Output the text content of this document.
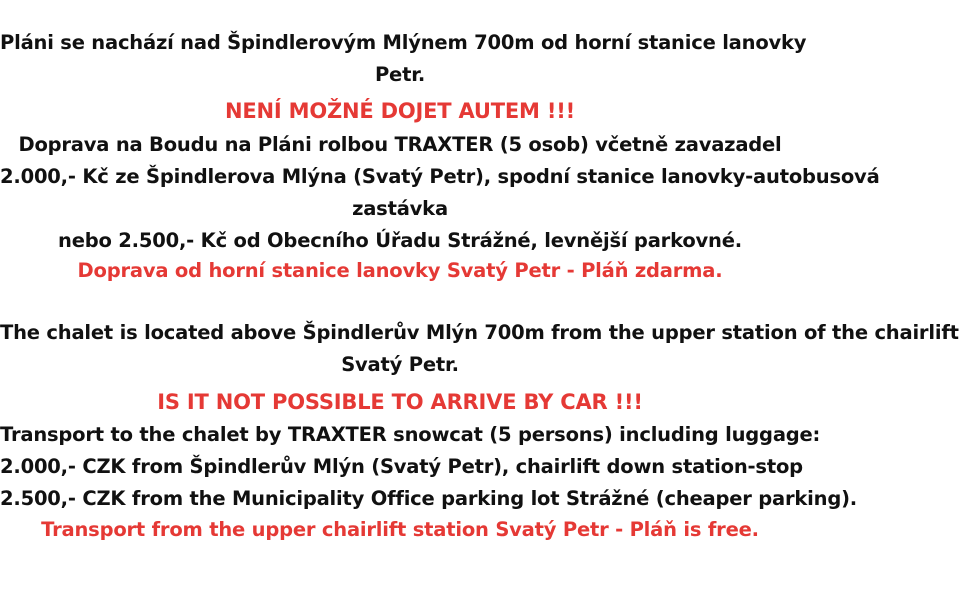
Pláni se nachází nad Špindlerovým Mlýnem 700m od horní stanice lanovky
Petr.
NENÍ MOŽNÉ DOJET AUTEM !!!
Doprava na Boudu na Pláni rolbou TRAXTER (5 osob) včetně zavazadel
2.000,- Kč ze Špindlerova Mlýna (Svatý Petr), spodní stanice lanovky-autobusová
zastávka
nebo 2.500,- Kč od Obecního Úřadu Strážné, levnější parkovné.
Doprava od horní stanice lanovky Svatý Petr - Pláň zdarma.
The chalet is located above Špindlerův Mlýn 700m from the upper station of the chairlift
Svatý Petr.
IS IT NOT POSSIBLE TO ARRIVE BY CAR !!!
Transport to the chalet by TRAXTER snowcat (5 persons) including luggage:
2.000,- CZK from Špindlerův Mlýn (Svatý Petr), chairlift down station-stop
2.500,- CZK from the Municipality Office parking lot Strážné (cheaper parking).
Transport from the upper chairlift station Svatý Petr - Pláň is free.
